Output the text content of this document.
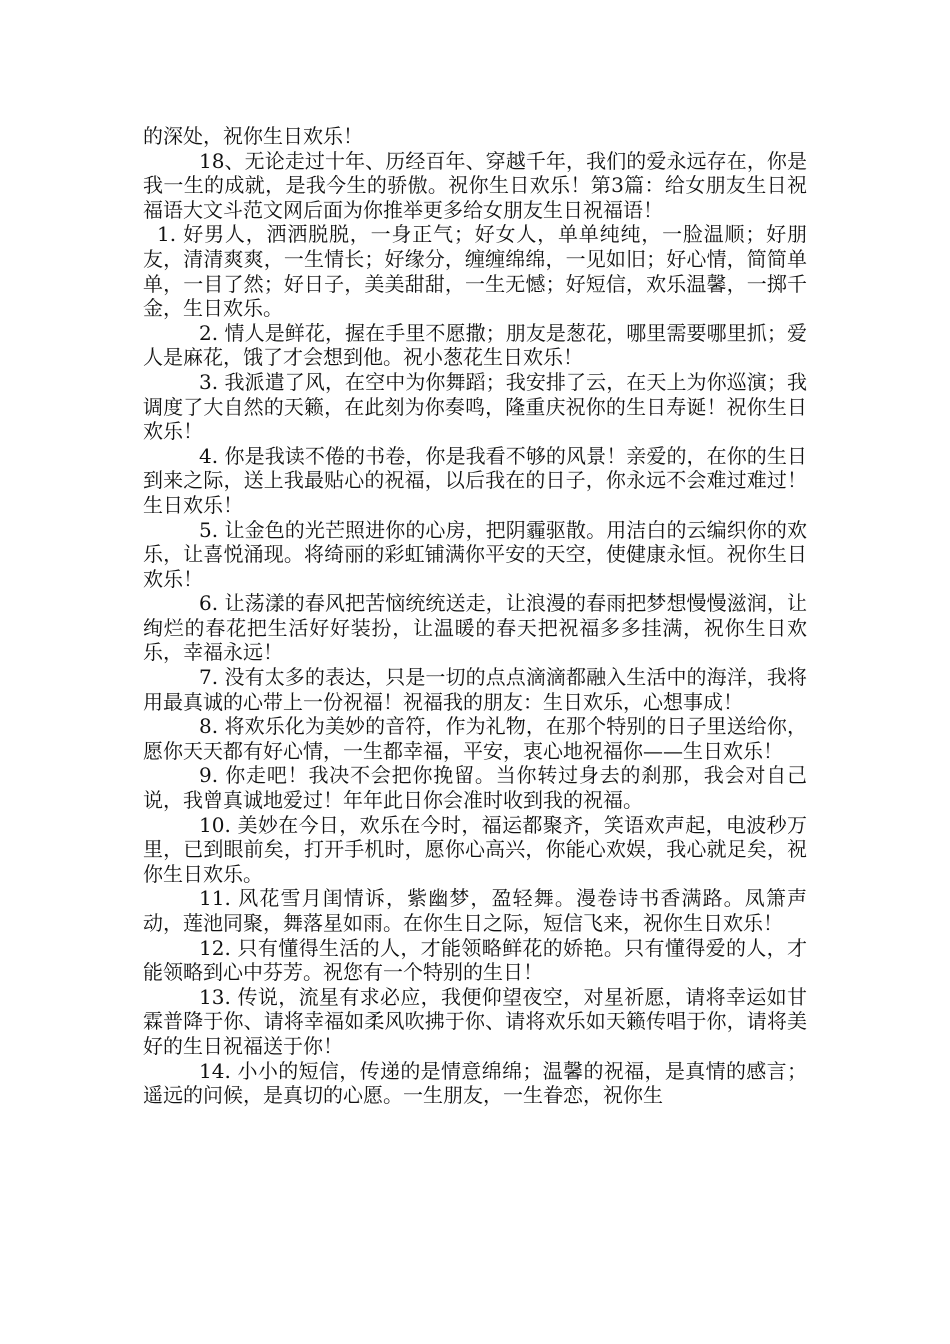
的深处，祝你生日欢乐！

18、无论走过十年、历经百年、穿越千年，我们的爱永远存在，你是我一生的成就，是我今生的骄傲。祝你生日欢乐！第3篇：给女朋友生日祝福语大文斗范文网后面为你推举更多给女朋友生日祝福语！

1. 好男人，洒洒脱脱，一身正气；好女人，单单纯纯，一脸温顺；好朋友，清清爽爽，一生情长；好缘分，缠缠绵绵，一见如旧；好心情，简简单单，一目了然；好日子，美美甜甜，一生无憾；好短信，欢乐温馨，一掷千金，生日欢乐。

2. 情人是鲜花，握在手里不愿撒；朋友是葱花，哪里需要哪里抓；爱人是麻花，饿了才会想到他。祝小葱花生日欢乐！

3. 我派遣了风，在空中为你舞蹈；我安排了云，在天上为你巡演；我调度了大自然的天籁，在此刻为你奏鸣，隆重庆祝你的生日寿诞！祝你生日欢乐！

4. 你是我读不倦的书卷，你是我看不够的风景！亲爱的，在你的生日到来之际，送上我最贴心的祝福，以后我在的日子，你永远不会难过难过！生日欢乐！

5. 让金色的光芒照进你的心房，把阴霾驱散。用洁白的云编织你的欢乐，让喜悦涌现。将绮丽的彩虹铺满你平安的天空，使健康永恒。祝你生日欢乐！

6. 让荡漾的春风把苦恼统统送走，让浪漫的春雨把梦想慢慢滋润，让绚烂的春花把生活好好装扮，让温暖的春天把祝福多多挂满，祝你生日欢乐，幸福永远！

7. 没有太多的表达，只是一切的点点滴滴都融入生活中的海洋，我将用最真诚的心带上一份祝福！祝福我的朋友：生日欢乐，心想事成！

8. 将欢乐化为美妙的音符，作为礼物，在那个特别的日子里送给你，愿你天天都有好心情，一生都幸福，平安，衷心地祝福你——生日欢乐！

9. 你走吧！我决不会把你挽留。当你转过身去的刹那，我会对自己说，我曾真诚地爱过！年年此日你会准时收到我的祝福。

10. 美妙在今日，欢乐在今时，福运都聚齐，笑语欢声起，电波秒万里，已到眼前矣，打开手机时，愿你心高兴，你能心欢娱，我心就足矣，祝你生日欢乐。

11. 风花雪月闺情诉，紫幽梦，盈轻舞。漫卷诗书香满路。凤箫声动，莲池同聚，舞落星如雨。在你生日之际，短信飞来，祝你生日欢乐！

12. 只有懂得生活的人，才能领略鲜花的娇艳。只有懂得爱的人，才能领略到心中芬芳。祝您有一个特别的生日！

13. 传说，流星有求必应，我便仰望夜空，对星祈愿，请将幸运如甘霖普降于你、请将幸福如柔风吹拂于你、请将欢乐如天籁传唱于你，请将美好的生日祝福送于你！

14. 小小的短信，传递的是情意绵绵；温馨的祝福，是真情的感言；遥远的问候，是真切的心愿。一生朋友，一生眷恋，祝你生
